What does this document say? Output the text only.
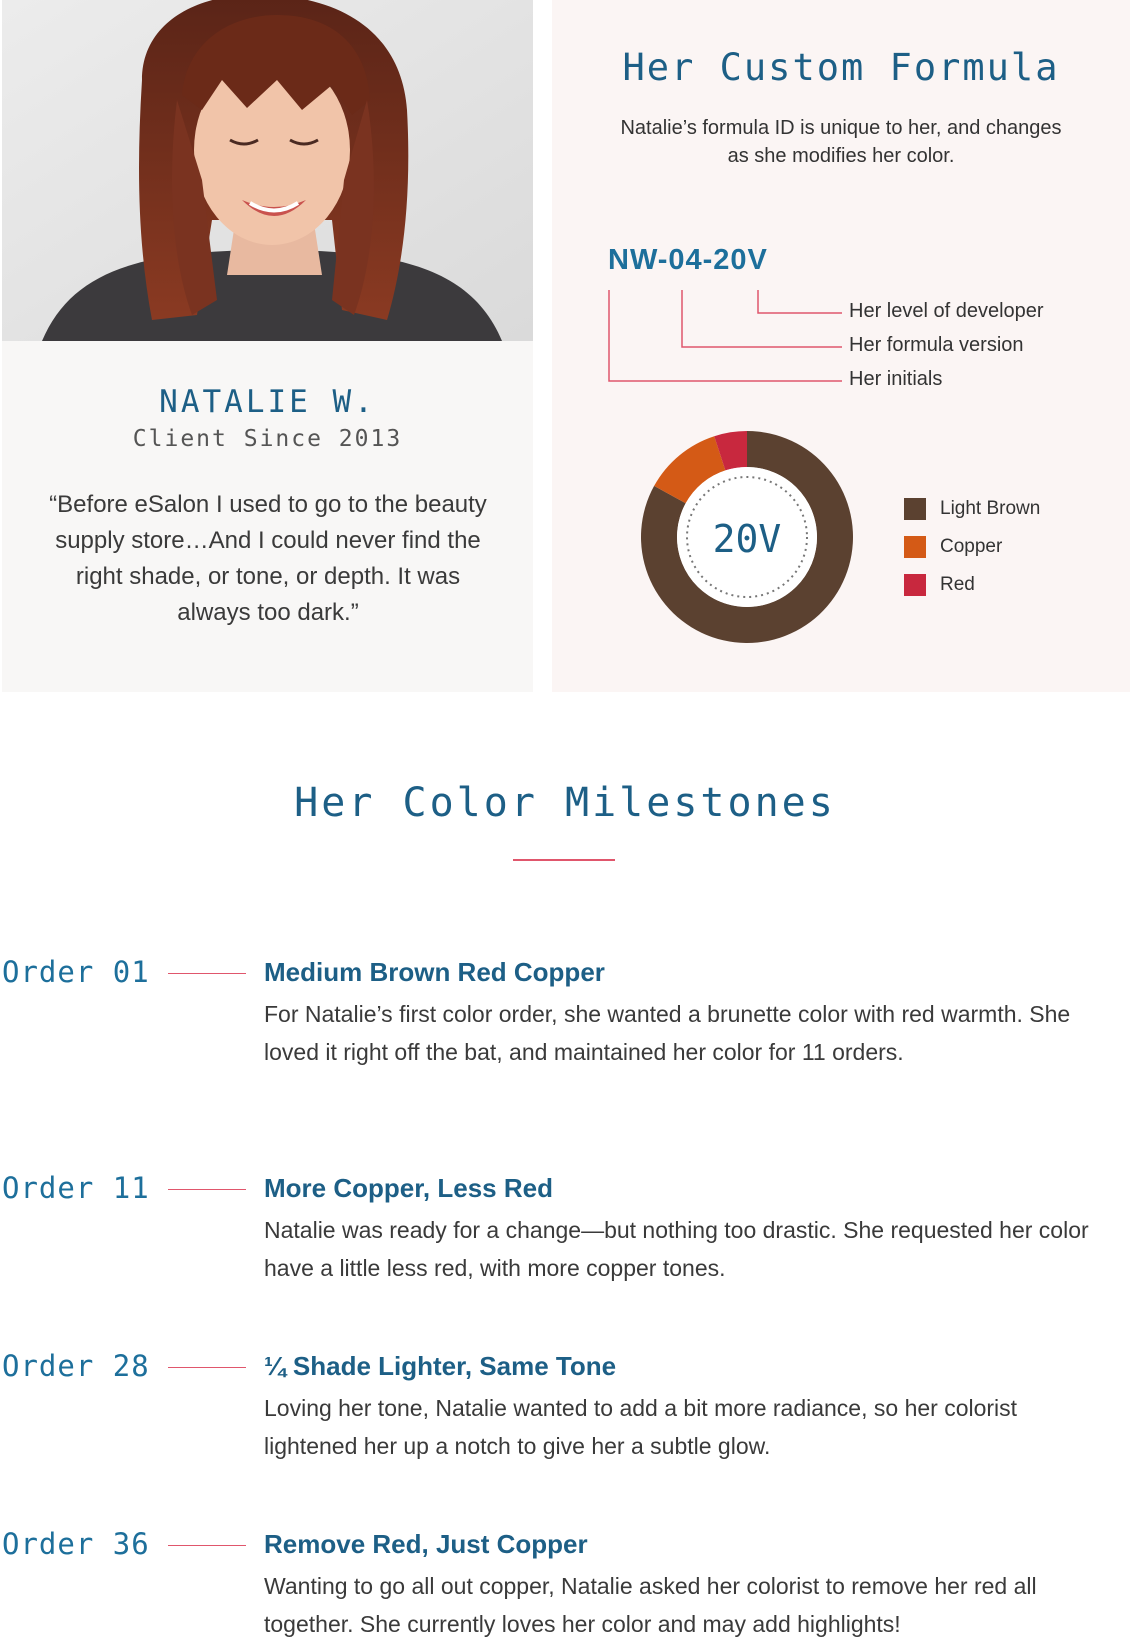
NATALIE W.
Client Since 2013
“Before eSalon I used to go to the beauty supply store…And I could never find the right shade, or tone, or depth. It was always too dark.”
Her Custom Formula
Natalie’s formula ID is unique to her, and changes as she modifies her color.
NW-04-20V
Her level of developer
Her formula version
Her initials
Light Brown
Copper
Red
20V
Her Color Milestones
Order 01	Medium Brown Red Copper
For Natalie’s first color order, she wanted a brunette color with red warmth. She loved it right off the bat, and maintained her color for 11 orders.
Order 11	More Copper, Less Red
Natalie was ready for a change—but nothing too drastic. She requested her color have a little less red, with more copper tones.
Order 28	¼ Shade Lighter, Same Tone
Loving her tone, Natalie wanted to add a bit more radiance, so her colorist lightened her up a notch to give her a subtle glow.
Order 36	Remove Red, Just Copper
Wanting to go all out copper, Natalie asked her colorist to remove her red all together. She currently loves her color and may add highlights!
